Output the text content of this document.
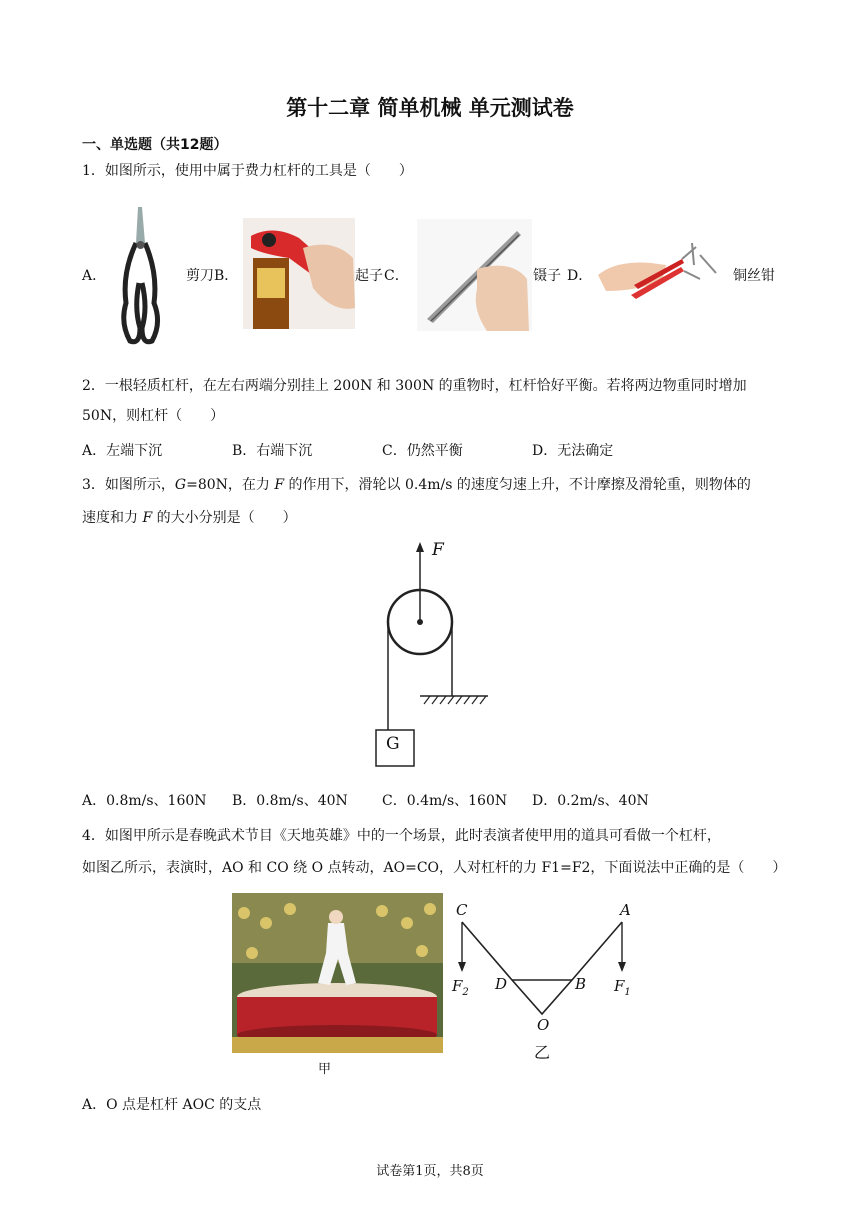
第十二章 简单机械 单元测试卷
一、单选题（共12题）
1．如图所示，使用中属于费力杠杆的工具是（　　）
A．	剪刀 B．	起子 C．	镊子 D．	铜丝钳
2．一根轻质杠杆，在左右两端分别挂上 200N 和 300N 的重物时，杠杆恰好平衡。若将两边物重同时增加
50N，则杠杆（　　）
A．左端下沉	B．右端下沉	C．仍然平衡	D．无法确定
3．如图所示，G=80N，在力 F 的作用下，滑轮以 0.4m/s 的速度匀速上升，不计摩擦及滑轮重，则物体的
速度和力 F 的大小分别是（　　）
F
G
A．0.8m/s、160N B．0.8m/s、40N C．0.4m/s、160N D．0.2m/s、40N
4．如图甲所示是春晚武术节目《天地英雄》中的一个场景，此时表演者使甲用的道具可看做一个杠杆，
如图乙所示，表演时，AO 和 CO 绕 O 点转动，AO=CO，人对杠杆的力 F1=F2，下面说法中正确的是（　　）
甲
C	A
D	B
O
$F_2$	$F_1$
乙
A．O 点是杠杆 AOC 的支点
试卷第1页，共8页
